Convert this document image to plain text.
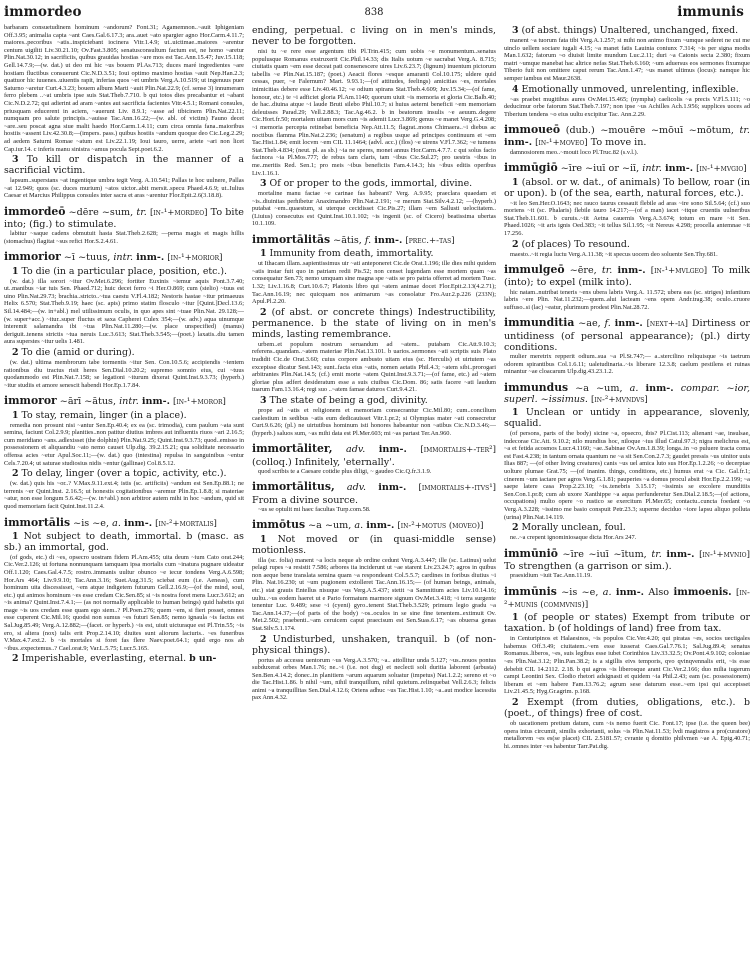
immordeo	838	immunis

barbaram consuetudinem hominum ~andorum? Font.31; Agamemnon..~auit Iphigeniam Off.3.95; animalia capta ~ant Caes.Gal.6.17.3; ara..auet ~ato spargier agno Hor.Carm.4.11.7; maiores..pecoribus ~atis..inspiciebant iocinera Vitr.1.4.9; ut..uictimae..maiores ~arentur centum uigiliti Liv.30.21.10; Ov.Fast.3.805; senatusconsultum factum est, ne homo ~aretur Plin.Nat.30.12; in sacrificiis, quibus grauidas hostias ~are mos est Tac.Ann.15.47; Juv.15.118; Gell.14.7.9;—(w. dat.) ut deo mi hic ~us bouem Pl.As.713; duces maré ingredientes ~are hostiam fluctibus consuerunt Cic.N.D.3.51; Ioui optimo maximo hostias ~auit Nep.Han.2.3; quattuor hic iuuenes..uiuentis rapit, inferias quos ~et umbris Verg.A.10.519; ut ingenuus puer Saturno ~aretur Curt.4.3.23; bouem album Marti ~auit Plin.Nat.22.9; (cf. sense 3) innumeram ferro plebem ..~at umbris ipse suis Stat.Theb.7.710. b qui totos dies precabantur et ~abant Cic.N.D.2.72; qui adierint ad aram ~antes aut sacrificia facientes Vitr.4.5.1; Romani consules, priusquam educerent in aciem, ~auerunt Liv. 8.9.1; ~asse ad tibicinem Plin.Nat.22.11; numquam pro salute principis..~auisse Tac.Ann.16.22;—(w. abl. of victim) Fauno decet ~are..seu poscat agna siue malit haedo Hor.Carm.1.4.11; cum circa omnia fana..maioribus hostiis ~assent Liv.42.30.8;—(impers. pass.) quibus hostiis ~andum quoque deo Cic.Leg.2.29; ad aedem Saturni Romae ~atum est Liv.22.1.19; Ioui tauro, uerre, ariete ~ari non licet Cap.iur.14. c inferis manu sinistra ~amus pocula Sept.poet.6.2.

3 To kill or dispatch in the manner of a sacrificial victim.

lapsum..superstans ~at ingentique umbra tegit Verg. A.10.541; Pallas te hoc uulnere, Pallas ~at 12.949; quos (sc. duces murium) ~atos uictor..abit mersit..specu Phaed.4.6.9; ut..Iulius Caesar et Marcius Philippus consules inter sacra et aras ~arentur Flor.Epit.2.6(3.18.8).

immordeō ~dēre ~sum, tr. [in-¹+mordeo] To bite into; (fig.) to stimulate.

labitur ~saque cadens obmutuit hasta Stat.Theb.2.628; —perna magis et magis hillis (stomachus) flagitat ~sus refici Hor.S.2.4.61.

immorior ~ī ~tuus, intr. inm-. [in-¹+morior]

1 To die (in a particular place, position, etc.).

(w. dat.) illa sorori ~itur Ov.Met.6.296; fortiter Euxinis ~iemur aquis Pont.3.7.40; ut..manibus ~iar tuis Sen. Phaed.712; huic decet ferro ~i Her.O.869; cum (stelio) ~tuus est uino Plin.Nat.29.73; brachia..stricto..~tua caestu V.Fl.4.182; Nestoris hastae ~itur primaeuus Helix 6.570; Stat.Theb.9.19; haec (sc. apis) primo statim flosculo ~itur [Quint.]Decl.13.6; Sil.14.484;—(w. in+abl.) mel utilissimum oculis, in quo apes sint ~tuae Plin.Nat. 29.128;—(w. super+acc.) ~itur..super fluctus et saxa Capherei Culex 354;—(w. adv.) aqua uinumque interemit salamandra ibi ~tua Plin.Nat.11.280;—(w. place unspecified) (manus) deriguit..tenens strictis ~tua neruis Luc.3.613; Stat.Theb.3.545;—(poet.) laxatis..diu tamen aura superstes ~itur uelis 1.481.

2 To die (amid or during).

(w. dat.) ultima membrorum tabe tormentis ~itur Sen. Con.10.5.6; accipiendis ~ientem rationibus diu tractus risit heres Sen.Dial.10.20.2; supremo somnio eius, cui ~tuus quodammodo est Plin.Nat.7.158; se legationi ~iturum dixerat Quint.Inst.9.3.73; (hyperb.) ~itur studiis et amore senescit habendi Hor.Ep.1.7.84.

immoror ~ārī ~ātus, intr. inm-. [in-¹+moror]

1 To stay, remain, linger (in a place).

remedia non prosunt nisi ~antur Sen.Ep.40.4; ex ea (sc. trimodia), cum paulum ~ata sunt semina, faciunt Col.2.9.9; planities..non patitur diutius imbres aut influentis riuos ~ari 2.16.5; cum meridiano ~ans..adlexisset (the dolphin) Plin.Nat.9.25; Quint.Inst.9.3.73; quod..emisso in possessionem et aliquandiu ~ato nemo causet Ulp.dig. 39.2.15.21; qua soliditate necessario offensa acies ~etur Apul.Soc.11;—(w. dat.) quo (intestina) repulsa in sanguinibus ~entur Cels.7.20.4; ut saturae studiosius nidis ~entur (gallinae) Col.8.5.12.

2 To delay, linger (over a topic, activity, etc.).

(w. dat.) quis his ~or..? V.Max.9.11.ext.4; istis (sc. artificiis) ~andum est Sen.Ep.88.1; ne terrenis ~er Quint.Inst. 2.16.5; ut honestis cogitationibus ~aremur Plin.Ep.1.8.8; si materiae ~atur, non esse longum 5.6.42;—(w. in+abl.) non arbitror autem mihi in hoc ~andum, quid sit quod memoriam facit Quint.Inst.11.2.4.

immortālis ~is ~e, a. inm-. [in-²+mortalis]

1 Not subject to death, immortal. b (masc. as sb.) an immortal, god.

(of gods, etc.) di ~es, opsecro uostram fidem Pl.Am.455; uita deum ~ium Cato orat.244; Cic.Ver.2.126; ut fortuna nonnunquam tamquam ipsa mortalis cum ~inatura pugnare uideatur Off.1.120; Caes.Gal.4.7.5; rostro..immanis uultur obunco ~e iecur tondens Verg.A.6.598; Hor.Ars 464; Liv.9.9.10; Tac.Ann.3.16; Suet.Aug.31.5; sciebat eum (i.e. Aeneas), cum hominum uita discessisset, ~em atque indigetem futurum Gell.2.16.9;—(of the mind, soul, etc.) qui animos hominum ~es esse credam Cic.Sen.85; si ~is nostra foret mens Lucr.3.612; an ~is anima? Quint.Inst.7.4.1;— (as not normally applicable to human beings) quid habetis qui mage ~is uos credam esse quam ego siem..? Pl.Poen.276; quem ~em, si fieri posset, omnes esse cuperent Cic.Mil.16; quodsi non sumus ~es futuri Sen.85; nemo ignaula ~is factus est Sal.Jug.85.49; Verg.A.12.882;—(facet. or hyperb.) ~is est, uiuit uicturaque est Pl.Trin.55; ~is ero, si altera (nox) talis erit Prop.2.14.10; diuites sunt aliorum laciuris.. ~es funeribus V.Max.4.7.ext.2. b ~is mortales si foret fas flere Naev.poet.64.1; quid ergo nos ab ~ibus..expectemus..? Cael.orat.9; Var.L.5.75; Lucr.5.165.

2 Imperishable, everlasting, eternal. b un-

ending, perpetual. c living on in men's minds, never to be forgotten.

nisi tu ~e rere esse argentum tibi Pl.Trin.415; cum uobis ~e monumentum..senatus populusque Romanus exstruxerit Cic.Phil.14.33; dis Italis uotum ~e sacrabat Verg.A. 8.715; ciuitatis quam ~em esse deceat pati consenescere uires Liv.6.23.7; (lignum) inuentum pictorum tabellis ~e Plin.Nat.15.187; (poet.) Aeacii flores ~esque amaranti Col.10.175; uldere quid cessas, puer, ~e Falernum? Mart. 9.93.1;—(of attitudes, feelings) amicitias ~es, mortales inimicitias debere esse Liv.40.46.12; ~e odium spirans Stat.Theb.4.609; Juv.15.34;—(of fame, honour, etc.) te ~i adficiet gloria Pl.Am.1140; quorum uiuit ~is memoria et gloria Cic.Balb.40; de hac..diuina atque ~i laude Bruti silebo Phil.10.7; si huius aeterni beneficii ~em memoriam deleuisses Parad.29; Vell.2.88.3; Tac.Ag.46.2. b in beatorum insulis ~e aeuum..degere Cic.Hort.fr.50; mortalem uitam mors cum ~is ademit Lucr.3.869; genus ~e manet Verg.G.4.208; ~i memoria percepta retinebat beneficia Nep.Att.11.5; flagrat..mons Chimaera..~i diebus ac noctibus flamma Plin.Nat.2.236; (senatum) a regibus usque ad principes continuum et ~em Tac.Hist.1.84; emit locvm ~em CIL 11.1464; (advl. acc.) (flos) ~e uirens V.Fl.7.362; ~e tumens Stat.Theb.4.834; (neut. pl. as sb.) ~ia ne speres, monet annus Hor.Carm.4.7.7. c qui solus facio facinora ~ia Pl.Mos.777; de rebus tam claris, tam ~ibus Cic.Sul.27; pro uestris ~ibus in me..meritis Red. Sen.1; pro meis ~ibus beneficiis Fam.4.14.3; his ~ibus editis operibus Liv.1.16.1.

3 Of or proper to the gods, immortal, divine.

mortaline manu factae ~e carinae fas habeant? Verg. A.9.95; praeclara quaedam et ~is..diuinitas perhibetur Anaximandro Plin.Nat.2.191; ~e merum Stat.Silv.4.2.12; —(hyperb.) putabat ~em..quaestum, si uterque cecidisset Cic.Pis.27; illam ~em Sallusti uelocitatem..(Liuius) consecutus est Quint.Inst.10.1.102; ~is ingenii (sc. of Cicero) beatissima ubertas 10.1.109.

immortālitās ~ātis, f. inm-. [prec.+-tas]

1 Immunity from death, immortality.

ut Ithacam illam..sapientissimus uir ~ati anteponeret Cic.de Orat.1.196; ille dies mihi quidem ~atis instar fuit quo in patriam redii Pis.52; non censet lugendam esse mortem quam ~as consequatur Sen.73; nemo umquam sine magna spe ~atis se pro patria offerret ad mortem Tusc. 1.32; Liv.1.16.8; Curt.10.6.7; Platonis libro qui ~atem animae docet Flor.Epit.2.13(4.2.71); Tac.Ann.16.19; nec quicquam nos animarum ~as consolatur Fro.Aur.2.p.226 (233N); Apul.Pl.2.20.

2 (of abst. or concrete things) Indestructibility, permanence. b the state of living on in men's minds, lasting remembrance.

urbem..et populum nostrum seruandum ad ~atem.. putabam Cic.Att.9.10.3; referens..quandam..~atem materiae Plin.Nat.13.101. b uarios..sermones ~ati scriptis suis Plato tradidit Cic.de Orat.3.60; cuius corpore ambusto uitam eius (sc. Herculis) et uirtutem ~as excepisse dicatur Sest.143; sunt..facta eius ~atis, nomen aetatis Phil.4.3; ~atem sibi..prorogari arbitrantes Plin.Nat.14.5; (cf.) emit morte ~atem Quint.Inst.9.3.71;—(of fame, etc.) ad ~atem gloriae plus adfert desideratum esse a suis ciuibus Cic.Dom. 86; satis facere ~ati laudum tuarum Fam.13.16.4; regi suo ..~atem famae daturos Curt.9.4.21.

3 The state of being a god, divinity.

prope ad ~atis et religionem et memoriam consecrantur Cic.Mil.80; cum..concilium caelestium in sedibus ~atis eum dedicauisset Vitr.1.pr.2; si Olympias mater ~ati consecretur Curt.9.6.26; (pl.) ne uirtutibus hominum isti honores habeantur non ~atibus Cic.N.D.3.46;—(hyperb.) saluos sum, ~as mihi data est Pl.Mer.603; mi ~as partast Ter.An.960.

immortāliter, adv. inm-. [immortalis+-ter²] (colloq.) Infinitely, 'eternally'.

quod scribis te a Caesare cotidie plus diligi, ~ gaudeo Cic.Q.fr.3.1.9.

immortālitus, adv. inm-. [immortalis+-itvs¹] From a divine source.

~us se optulit mi haec facultas Turp.com.58.

immōtus ~a ~um, a. inm-. [in-²+motus (moveo)]

1 Not moved or (in quasi-middle sense) motionless.

illa (sc. folia) manent ~a locis neque ab ordine cedunt Verg.A.3.447; ille (sc. Latinus) uelut pelagi rupes ~a resistit 7.586; arbores ita inciderunt ut ~ae starent Liv.23.24.7; agros in quibus non aeque bene translata semina quam ~a respondeant Col.5.5.7; cardines in foribus diutius ~i Plin. Nat.16.230; ut ~um pugionem extolleret Tac.Ann.16.15;— (of human beings, animals, etc.) stat grauis Entellus nisuque ~us Verg.A.5.437; stetit ~a Samnitium acies Liv.10.14.16; uultu..~us eodem haeret ut e Pario formatum marmore signum Ov.Met.3.418; ~i terra surgente tenentur Luc. 9.489; sese ~i (cyeni) gyro..tenent Stat.Theb.3.529; primum legio gradu ~a Tac.Ann.14.37;—(of parts of the body) ~os..oculos in se sine fine tenentem..extimuit Ov. Met.2.502; praebenti..~am ceruicem caput praecisum est Sen.Suas.6.17; ~as obuersa genas Stat.Silv.5.1.174.

2 Undisturbed, unshaken, tranquil. b (of non-physical things).

portus ab accessu uentorum ~us Verg.A.3.570; ~a.. attollitur unda 5.127; ~us..nouos pontus subduxerat orbes Man.1.76; ne..~i (i.e. not dug) et neclecti soli duritia laborent (arbusta) Sen.Ben.4.14.2; donec..in planitiem ~arum aquarum soluatur (impetus) Nat.1.2.2; sereno et ~o die Tac.Hist.1.86. b nihil ~um, nihil tranquillum, nihil quietum..relinquebat Vell.2.6.3; felicis animi ~a tranquillitas Sen.Dial.4.12.6; Oriens adhuc ~us Tac.Hist.1.10; ~a..aut modice lacessita pax Ann.4.32.

3 (of abst. things) Unaltered, unchanged, fixed.

manent ~a tuorum fata tibi Verg.A.1.257; si mihi non animo fixum ~umque sederet ne cui me uinclo uellem sociare iugali 4.15; ~a manet fatis Lauinia coniunx 7.314; ~is per signa modis Man.1.632; fatorum ~o diuisit limite mundum Luc.2.11; duri ~a Catonis secta 2.380; fixum matri ~umque manebat hac altrice nefas Stat.Theb.6.160; ~um aduersus eos sermones fixumque Tiberio fuit non omittere caput rerum Tac.Ann.1.47; ~us manet ultimus (locus): namque hic semper iambus est Maur.2638.

4 Emotionally unmoved, unrelenting, inflexible.

~as praebet mugitibus aures Ov.Met.15.465; (nympha) caelicolis ~a precis V.Fl.5.111; ~o deducimur orbe fatorum Stat.Theb.7.197; non ipse ~us Achilles Ach.1.956; supplices uoces ad Tiberium tendens ~o eius uultu excipitur Tac. Ann.2.29.

immoueō (dub.) ~mouēre ~mōuī ~mōtum, tr. inm-. [in-¹+moveo] To move in.

damnosiorem meo..~mouit loco Pl.Truc.82 (s.v.l.).

immūgiō ~īre ~iuī or ~iī, intr. inm-. [in-¹+mvgio]

1 (absol. or w. dat., of animals) To bellow, roar (in or upon). b (of the sea, earth, natural forces, etc.).

~it leo Sen.Her.O.1643; nec rauco taurus cessauit flebile ad aras ~ire sono Sil.5.64; (cf.) suo moriens ~it (sc. Phalaris) flebile tauro 14.217;—(of a man) iacet ~itque cruentis uulneribus Stat.Theb.11.601. b curuis..~iit Aetna cauernis Verg.A.3.674; totum en mare ~it Sen. Phaed.1026; ~it aris ignis Oed.383; ~it tellus Sil.1.95; ~it Nereus 4.298; procella antemnae ~it 17.256.

2 (of places) To resound.

maesto..~it regia luctu Verg.A.11.38; ~it specus uocem deo soluente Sen.Thy.681.

immulgeō ~ēre, tr. inm-. [in-¹+mvlgeo] To milk (into); to expel (milk into).

hic natam..nutribat teneris ~ens ubera labris Verg.A. 11.572; ubera eas (sc. striges) infantium labris ~ere Plin. Nat.11.232;—quem..alui lacteam ~ens opem Andr.trag.38; oculo..cruore suffuso..si (lac) ~eatur, plurimum prodest Plin.Nat.28.72.

immunditia ~ae, f. inm-. [next+-ia] Dirtiness or untidiness (of personal appearance); (pl.) dirty conditions.

mulier meretrix repperit odium..sua ~a Pl.St.747;— a..stercilino reliquisque ~is taetrum odorem spirantibus Col.1.6.11; ualetudinaria..~is liberare 12.3.8; caelum pestilens et ruinas minantur ~ae cloacarum Ulp.dig.43.23.1.2.

immundus ~a ~um, a. inm-. compar. ~ior, superl. ~issimus. [in-²+mvndvs]

1 Unclean or untidy in appearance, slovenly, squalid.

(of persons, parts of the body) sicine ~a, opsecro, ibis? Pl.Cist.113; alienant ~ae, insulsae, indecorae Cic.Att. 9.10.2; nilo mundius hoc, niloque ~ius illud Catul.97.3; nigra melichrus est, ~a et fetida acosmos Lucr.4.1160; ~ae..Sabinae Ov.Am.1.8.39; longa..in ~o puluere tracta coma est Fast.4.238; in tantum ornata quantum ne ~a sit Sen.Con.2.7.3; gaudet pressis ~us uinitor uuis Ilias 887; —(of other living creatures) canis ~us uel amica luto sus Hor.Ep.1.2.26; ~o decerptae uolture plumae Grat.75; —(of inanim. things, conditions, etc.) humus erat ~a Cic. Gal.fr.1; cinerem ~um iactare per agros Verg.G.1.81; pauperies ~a domus procul absit Hor.Ep.2.2.199; ~a saepe latere casa Prop.2.23.10; ~is..tenebris 3.15.17; ~issimis se excolere munditiis Sen.Con.1.pr.8; cum ab uxore Xanthippe ~a aqua perfunderetur Sen.Dial.2.18.5;—(of actions, occupations) multo opere ~o rustico se exercitum Pl.Mer.65; contactu..cuncta foedant ~o Verg.A.3.228; ~issimo me basio conspuit Petr.23.3; superne deciduo ~iore lapsu aliquo polluta (urina) Plin.Nat.14.119.

2 Morally unclean, foul.

ne..~a crepent ignominiosaque dicta Hor.Ars 247.

immūniō ~īre ~iuī ~ītum, tr. inm-. [in-¹+mvnio] To strengthen (a garrison or sim.).

praesidium ~iuit Tac.Ann.11.19.

immūnis ~is ~e, a. inm-. Also immoenis. [in-²+munis (commvnis)]

1 (of people or states) Exempt from tribute or taxation. b (of holdings of land) free from tax.

in Centuripinos et Halaesinos, ~is populos Cic.Ver.4.20; qui piratas ~es, socios uectigales habemus Off.3.49; ciuitatem..~em esse iusserat Caes.Gal.7.76.1; Sal.Jug.89.4; senatus Romanus..liberos, ~es, suis legibus esse iubet Corinthios Liv.33.32.5; Ov.Pont.4.9.102; coloniae ~es Plin.Nat.3.12; Plin.Pan.38.2; is a sigillis eivs temporis, qvo qvinqvennalis erit, ~is esse debebit CIL 14.2112. 2.18. b qui agros ~is liberosque arant Cic.Ver.2.166; duo milia iugerum campi Leontini Sex. Clodio rhetori adsignasti et quidem ~ia Phil.2.43; eam (sc. possessionem) liberam et ~em habere Fam.13.76.2; agrum sese daturum esse..~em ipsi qui accepisset Liv.21.45.5; Hyg.Gr.agrim. p.168.

2 Exempt (from duties, obligations, etc.). b (poet., of things) free of cost.

ob uacationem pretium datum, cum ~is nemo fuerit Cic. Font.17; ipse (i.e. the queen bee) opera intus circumit, similis exhortanti, solus ~is Plin.Nat.11.53; lvdi magistros a pro(curatore) metallorvm ~es es(se placet) CIL 2.5181.57; cvrante q domitio philvmen ~ae A. Epig.40.71; hi..omnes inter ~es habentur Tarr.Pat.dig.
